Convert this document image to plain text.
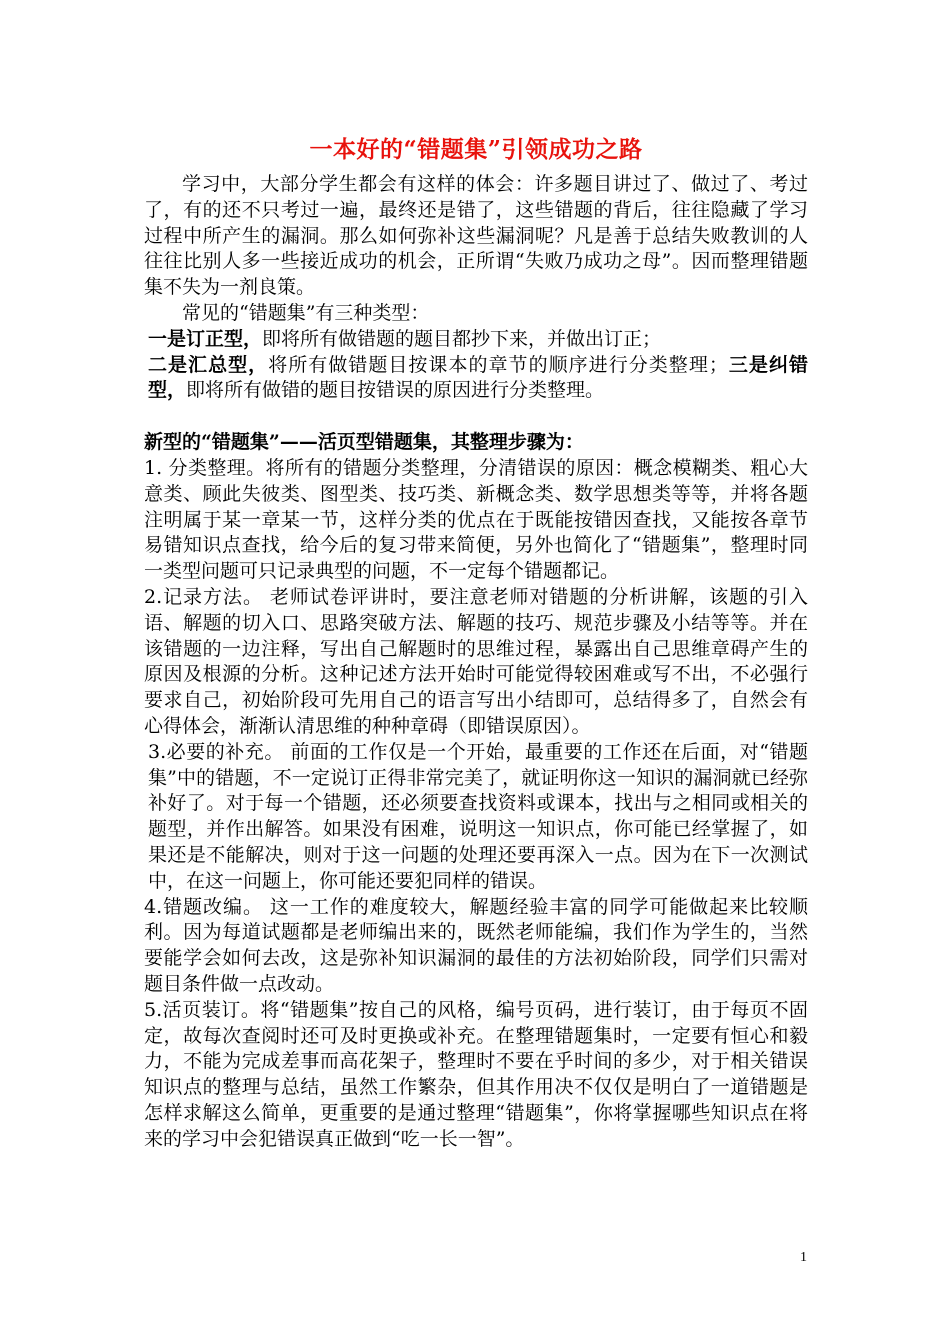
一本好的“错题集”引领成功之路

学习中，大部分学生都会有这样的体会：许多题目讲过了、做过了、考过了，有的还不只考过一遍，最终还是错了，这些错题的背后，往往隐藏了学习过程中所产生的漏洞。那么如何弥补这些漏洞呢？凡是善于总结失败教训的人往往比别人多一些接近成功的机会，正所谓“失败乃成功之母”。因而整理错题集不失为一剂良策。

常见的“错题集”有三种类型：

一是订正型，即将所有做错题的题目都抄下来，并做出订正；

二是汇总型，将所有做错题目按课本的章节的顺序进行分类整理；三是纠错型，即将所有做错的题目按错误的原因进行分类整理。

新型的“错题集”——活页型错题集，其整理步骤为：

1. 分类整理。将所有的错题分类整理，分清错误的原因：概念模糊类、粗心大意类、顾此失彼类、图型类、技巧类、新概念类、数学思想类等等，并将各题注明属于某一章某一节，这样分类的优点在于既能按错因查找，又能按各章节易错知识点查找，给今后的复习带来简便，另外也简化了“错题集”，整理时同一类型问题可只记录典型的问题，不一定每个错题都记。

2.记录方法。 老师试卷评讲时，要注意老师对错题的分析讲解，该题的引入语、解题的切入口、思路突破方法、解题的技巧、规范步骤及小结等等。并在该错题的一边注释，写出自己解题时的思维过程，暴露出自己思维章碍产生的原因及根源的分析。这种记述方法开始时可能觉得较困难或写不出，不必强行要求自己，初始阶段可先用自己的语言写出小结即可，总结得多了，自然会有心得体会，渐渐认清思维的种种章碍（即错误原因）。

3.必要的补充。 前面的工作仅是一个开始，最重要的工作还在后面，对“错题集”中的错题，不一定说订正得非常完美了，就证明你这一知识的漏洞就已经弥补好了。对于每一个错题，还必须要查找资料或课本，找出与之相同或相关的题型，并作出解答。如果没有困难，说明这一知识点，你可能已经掌握了，如果还是不能解决，则对于这一问题的处理还要再深入一点。因为在下一次测试中，在这一问题上，你可能还要犯同样的错误。

4.错题改编。 这一工作的难度较大，解题经验丰富的同学可能做起来比较顺利。因为每道试题都是老师编出来的，既然老师能编，我们作为学生的，当然要能学会如何去改，这是弥补知识漏洞的最佳的方法初始阶段，同学们只需对题目条件做一点改动。

5.活页装订。将“错题集”按自己的风格，编号页码，进行装订，由于每页不固定，故每次查阅时还可及时更换或补充。在整理错题集时，一定要有恒心和毅力，不能为完成差事而高花架子，整理时不要在乎时间的多少，对于相关错误知识点的整理与总结，虽然工作繁杂，但其作用决不仅仅是明白了一道错题是怎样求解这么简单，更重要的是通过整理“错题集”，你将掌握哪些知识点在将来的学习中会犯错误真正做到“吃一长一智”。

1
